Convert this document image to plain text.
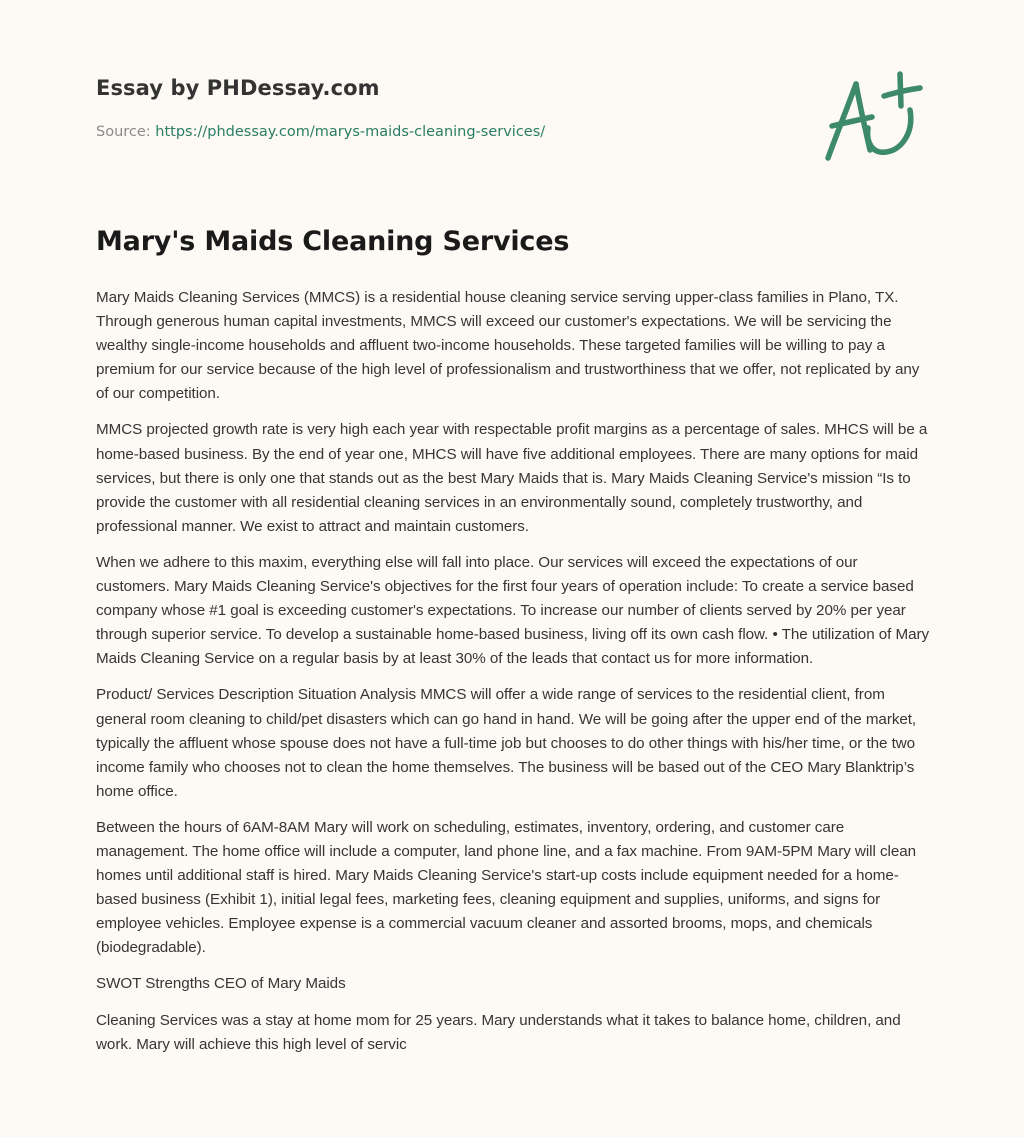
Essay by PHDessay.com
Source: https://phdessay.com/marys-maids-cleaning-services/
Mary's Maids Cleaning Services

Mary Maids Cleaning Services (MMCS) is a residential house cleaning service serving upper-class families in Plano, TX. Through generous human capital investments, MMCS will exceed our customer's expectations. We will be servicing the wealthy single-income households and affluent two-income households. These targeted families will be willing to pay a premium for our service because of the high level of professionalism and trustworthiness that we offer, not replicated by any of our competition.

MMCS projected growth rate is very high each year with respectable profit margins as a percentage of sales. MHCS will be a home-based business. By the end of year one, MHCS will have five additional employees. There are many options for maid services, but there is only one that stands out as the best Mary Maids that is. Mary Maids Cleaning Service's mission “Is to provide the customer with all residential cleaning services in an environmentally sound, completely trustworthy, and professional manner. We exist to attract and maintain customers.

When we adhere to this maxim, everything else will fall into place. Our services will exceed the expectations of our customers. Mary Maids Cleaning Service's objectives for the first four years of operation include: To create a service based company whose #1 goal is exceeding customer's expectations. To increase our number of clients served by 20% per year through superior service. To develop a sustainable home-based business, living off its own cash flow. • The utilization of Mary Maids Cleaning Service on a regular basis by at least 30% of the leads that contact us for more information.

Product/ Services Description Situation Analysis MMCS will offer a wide range of services to the residential client, from general room cleaning to child/pet disasters which can go hand in hand. We will be going after the upper end of the market, typically the affluent whose spouse does not have a full-time job but chooses to do other things with his/her time, or the two income family who chooses not to clean the home themselves. The business will be based out of the CEO Mary Blanktrip’s home office.

Between the hours of 6AM-8AM Mary will work on scheduling, estimates, inventory, ordering, and customer care management. The home office will include a computer, land phone line, and a fax machine. From 9AM-5PM Mary will clean homes until additional staff is hired. Mary Maids Cleaning Service's start-up costs include equipment needed for a home-based business (Exhibit 1), initial legal fees, marketing fees, cleaning equipment and supplies, uniforms, and signs for employee vehicles. Employee expense is a commercial vacuum cleaner and assorted brooms, mops, and chemicals (biodegradable).

SWOT Strengths CEO of Mary Maids

Cleaning Services was a stay at home mom for 25 years. Mary understands what it takes to balance home, children, and work. Mary will achieve this high level of servic
